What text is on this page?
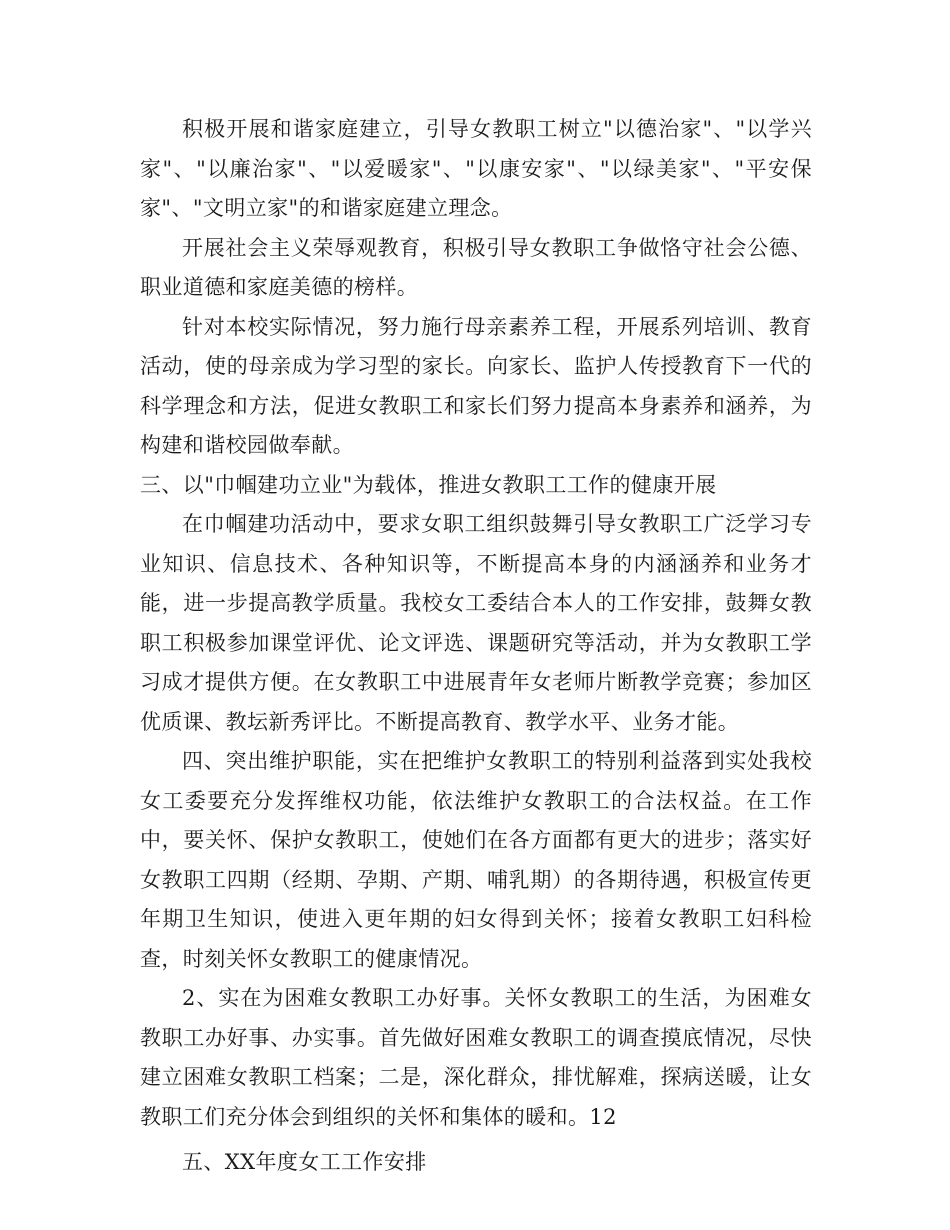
积极开展和谐家庭建立，引导女教职工树立"以德治家"、"以学兴家"、"以廉治家"、"以爱暖家"、"以康安家"、"以绿美家"、"平安保家"、"文明立家"的和谐家庭建立理念。

开展社会主义荣辱观教育，积极引导女教职工争做恪守社会公德、职业道德和家庭美德的榜样。

针对本校实际情况，努力施行母亲素养工程，开展系列培训、教育活动，使的母亲成为学习型的家长。向家长、监护人传授教育下一代的科学理念和方法，促进女教职工和家长们努力提高本身素养和涵养，为构建和谐校园做奉献。

三、以"巾帼建功立业"为载体，推进女教职工工作的健康开展

在巾帼建功活动中，要求女职工组织鼓舞引导女教职工广泛学习专业知识、信息技术、各种知识等，不断提高本身的内涵涵养和业务才能，进一步提高教学质量。我校女工委结合本人的工作安排，鼓舞女教职工积极参加课堂评优、论文评选、课题研究等活动，并为女教职工学习成才提供方便。在女教职工中进展青年女老师片断教学竞赛；参加区优质课、教坛新秀评比。不断提高教育、教学水平、业务才能。

四、突出维护职能，实在把维护女教职工的特别利益落到实处我校女工委要充分发挥维权功能，依法维护女教职工的合法权益。在工作中，要关怀、保护女教职工，使她们在各方面都有更大的进步；落实好女教职工四期（经期、孕期、产期、哺乳期）的各期待遇，积极宣传更年期卫生知识，使进入更年期的妇女得到关怀；接着女教职工妇科检查，时刻关怀女教职工的健康情况。

2、实在为困难女教职工办好事。关怀女教职工的生活，为困难女教职工办好事、办实事。首先做好困难女教职工的调查摸底情况，尽快建立困难女教职工档案；二是，深化群众，排忧解难，探病送暖，让女教职工们充分体会到组织的关怀和集体的暖和。12

五、XX年度女工工作安排
